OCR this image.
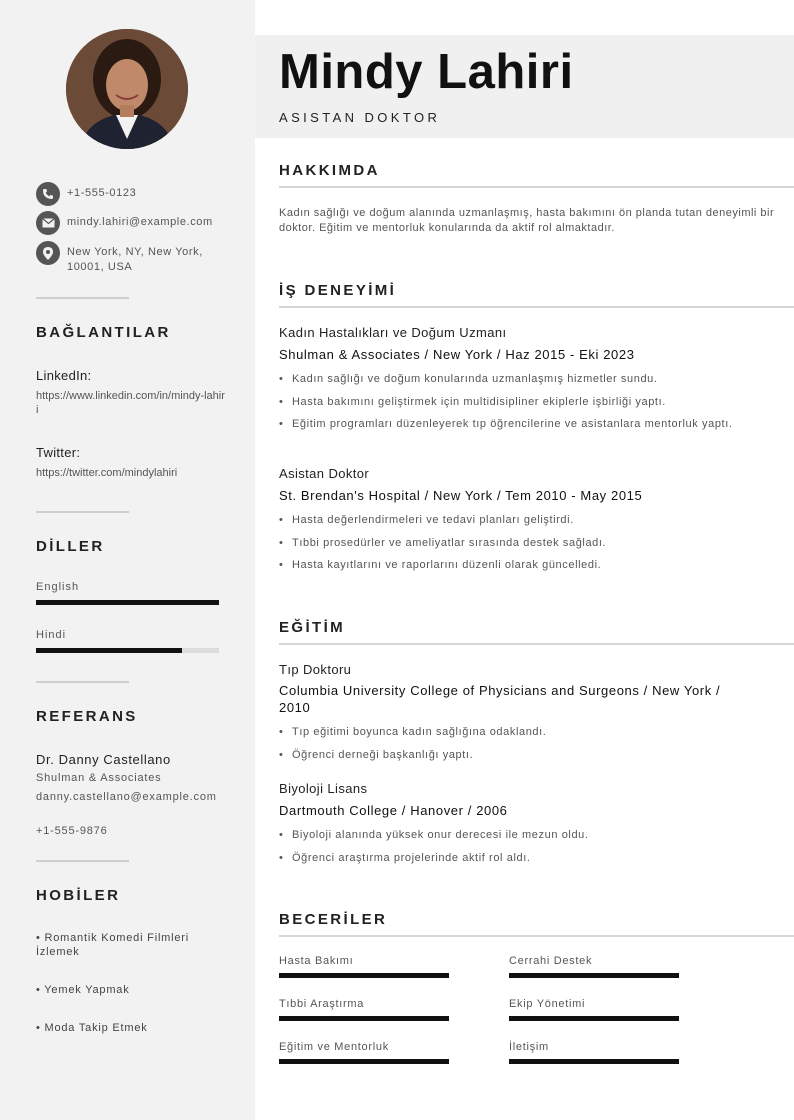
+1-555-0123
mindy.lahiri@example.com
New York, NY, New York, 10001, USA
BAĞLANTILAR
LinkedIn:
https://www.linkedin.com/in/mindy-lahiri
Twitter:
https://twitter.com/mindylahiri
DİLLER
English
Hindi
REFERANS
Dr. Danny Castellano
Shulman & Associates
danny.castellano@example.com
+1-555-9876
HOBİLER
• Romantik Komedi Filmleri İzlemek
• Yemek Yapmak
• Moda Takip Etmek
Mindy Lahiri
ASISTAN DOKTOR
HAKKIMDA
Kadın sağlığı ve doğum alanında uzmanlaşmış, hasta bakımını ön planda tutan deneyimli bir doktor. Eğitim ve mentorluk konularında da aktif rol almaktadır.
İŞ DENEYİMİ
Kadın Hastalıkları ve Doğum Uzmanı
Shulman & Associates / New York / Haz 2015 - Eki 2023
• Kadın sağlığı ve doğum konularında uzmanlaşmış hizmetler sundu.
• Hasta bakımını geliştirmek için multidisipliner ekiplerle işbirliği yaptı.
• Eğitim programları düzenleyerek tıp öğrencilerine ve asistanlara mentorluk yaptı.
Asistan Doktor
St. Brendan's Hospital / New York / Tem 2010 - May 2015
• Hasta değerlendirmeleri ve tedavi planları geliştirdi.
• Tıbbi prosedürler ve ameliyatlar sırasında destek sağladı.
• Hasta kayıtlarını ve raporlarını düzenli olarak güncelledi.
EĞİTİM
Tıp Doktoru
Columbia University College of Physicians and Surgeons / New York / 2010
• Tıp eğitimi boyunca kadın sağlığına odaklandı.
• Öğrenci derneği başkanlığı yaptı.
Biyoloji Lisans
Dartmouth College / Hanover / 2006
• Biyoloji alanında yüksek onur derecesi ile mezun oldu.
• Öğrenci araştırma projelerinde aktif rol aldı.
BECERİLER
Hasta Bakımı	Cerrahi Destek
Tıbbi Araştırma	Ekip Yönetimi
Eğitim ve Mentorluk	İletişim
